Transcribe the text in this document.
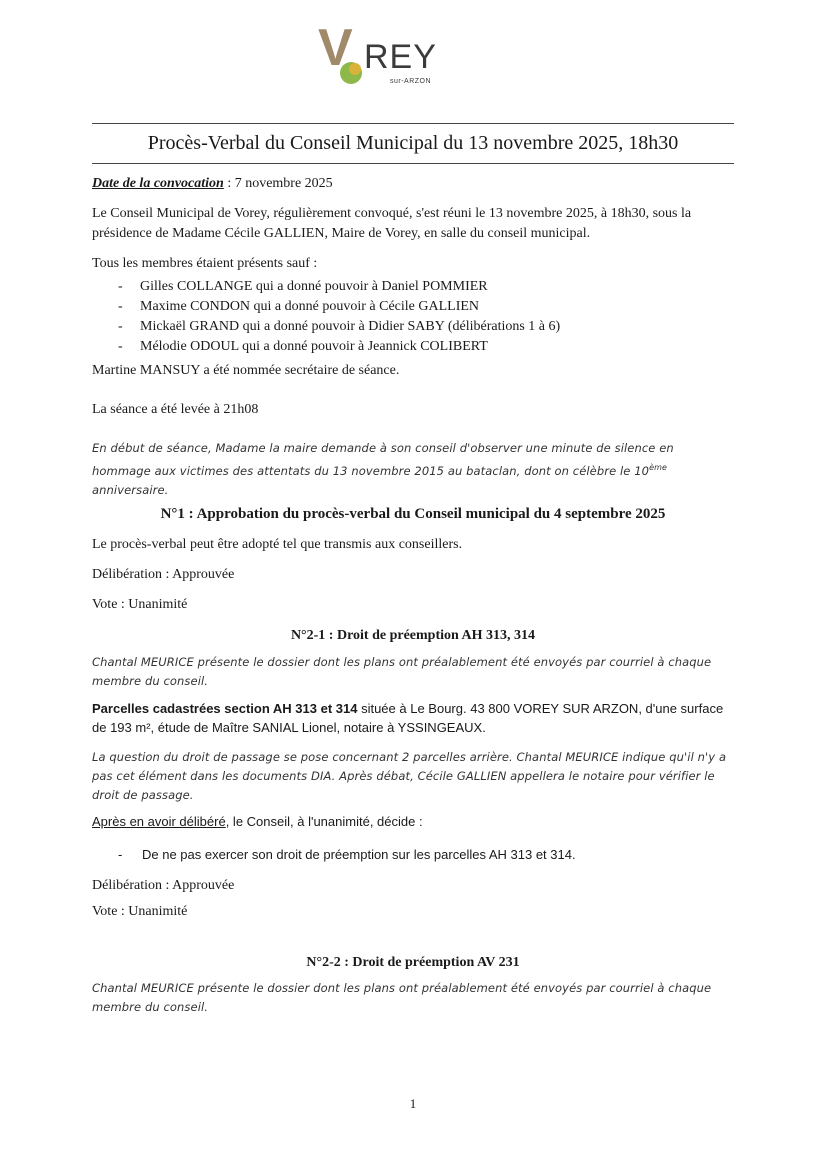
V REY
sur-ARZON
Procès-Verbal du Conseil Municipal du 13 novembre 2025, 18h30
Date de la convocation : 7 novembre 2025
Le Conseil Municipal de Vorey, régulièrement convoqué, s'est réuni le 13 novembre 2025, à 18h30, sous la présidence de Madame Cécile GALLIEN, Maire de Vorey, en salle du conseil municipal.
Tous les membres étaient présents sauf :
- Gilles COLLANGE qui a donné pouvoir à Daniel POMMIER
- Maxime CONDON qui a donné pouvoir à Cécile GALLIEN
- Mickaël GRAND qui a donné pouvoir à Didier SABY (délibérations 1 à 6)
- Mélodie ODOUL qui a donné pouvoir à Jeannick COLIBERT
Martine MANSUY a été nommée secrétaire de séance.
La séance a été levée à 21h08
En début de séance, Madame la maire demande à son conseil d'observer une minute de silence en hommage aux victimes des attentats du 13 novembre 2015 au bataclan, dont on célèbre le 10ème anniversaire.
N°1 : Approbation du procès-verbal du Conseil municipal du 4 septembre 2025
Le procès-verbal peut être adopté tel que transmis aux conseillers.
Délibération : Approuvée
Vote : Unanimité
N°2-1 : Droit de préemption AH 313, 314
Chantal MEURICE présente le dossier dont les plans ont préalablement été envoyés par courriel à chaque membre du conseil.
Parcelles cadastrées section AH 313 et 314 située à Le Bourg. 43 800 VOREY SUR ARZON, d'une surface de 193 m², étude de Maître SANIAL Lionel, notaire à YSSINGEAUX.
La question du droit de passage se pose concernant 2 parcelles arrière. Chantal MEURICE indique qu'il n'y a pas cet élément dans les documents DIA. Après débat, Cécile GALLIEN appellera le notaire pour vérifier le droit de passage.
Après en avoir délibéré, le Conseil, à l'unanimité, décide :
- De ne pas exercer son droit de préemption sur les parcelles AH 313 et 314.
Délibération : Approuvée
Vote : Unanimité
N°2-2 : Droit de préemption AV 231
Chantal MEURICE présente le dossier dont les plans ont préalablement été envoyés par courriel à chaque membre du conseil.
1
